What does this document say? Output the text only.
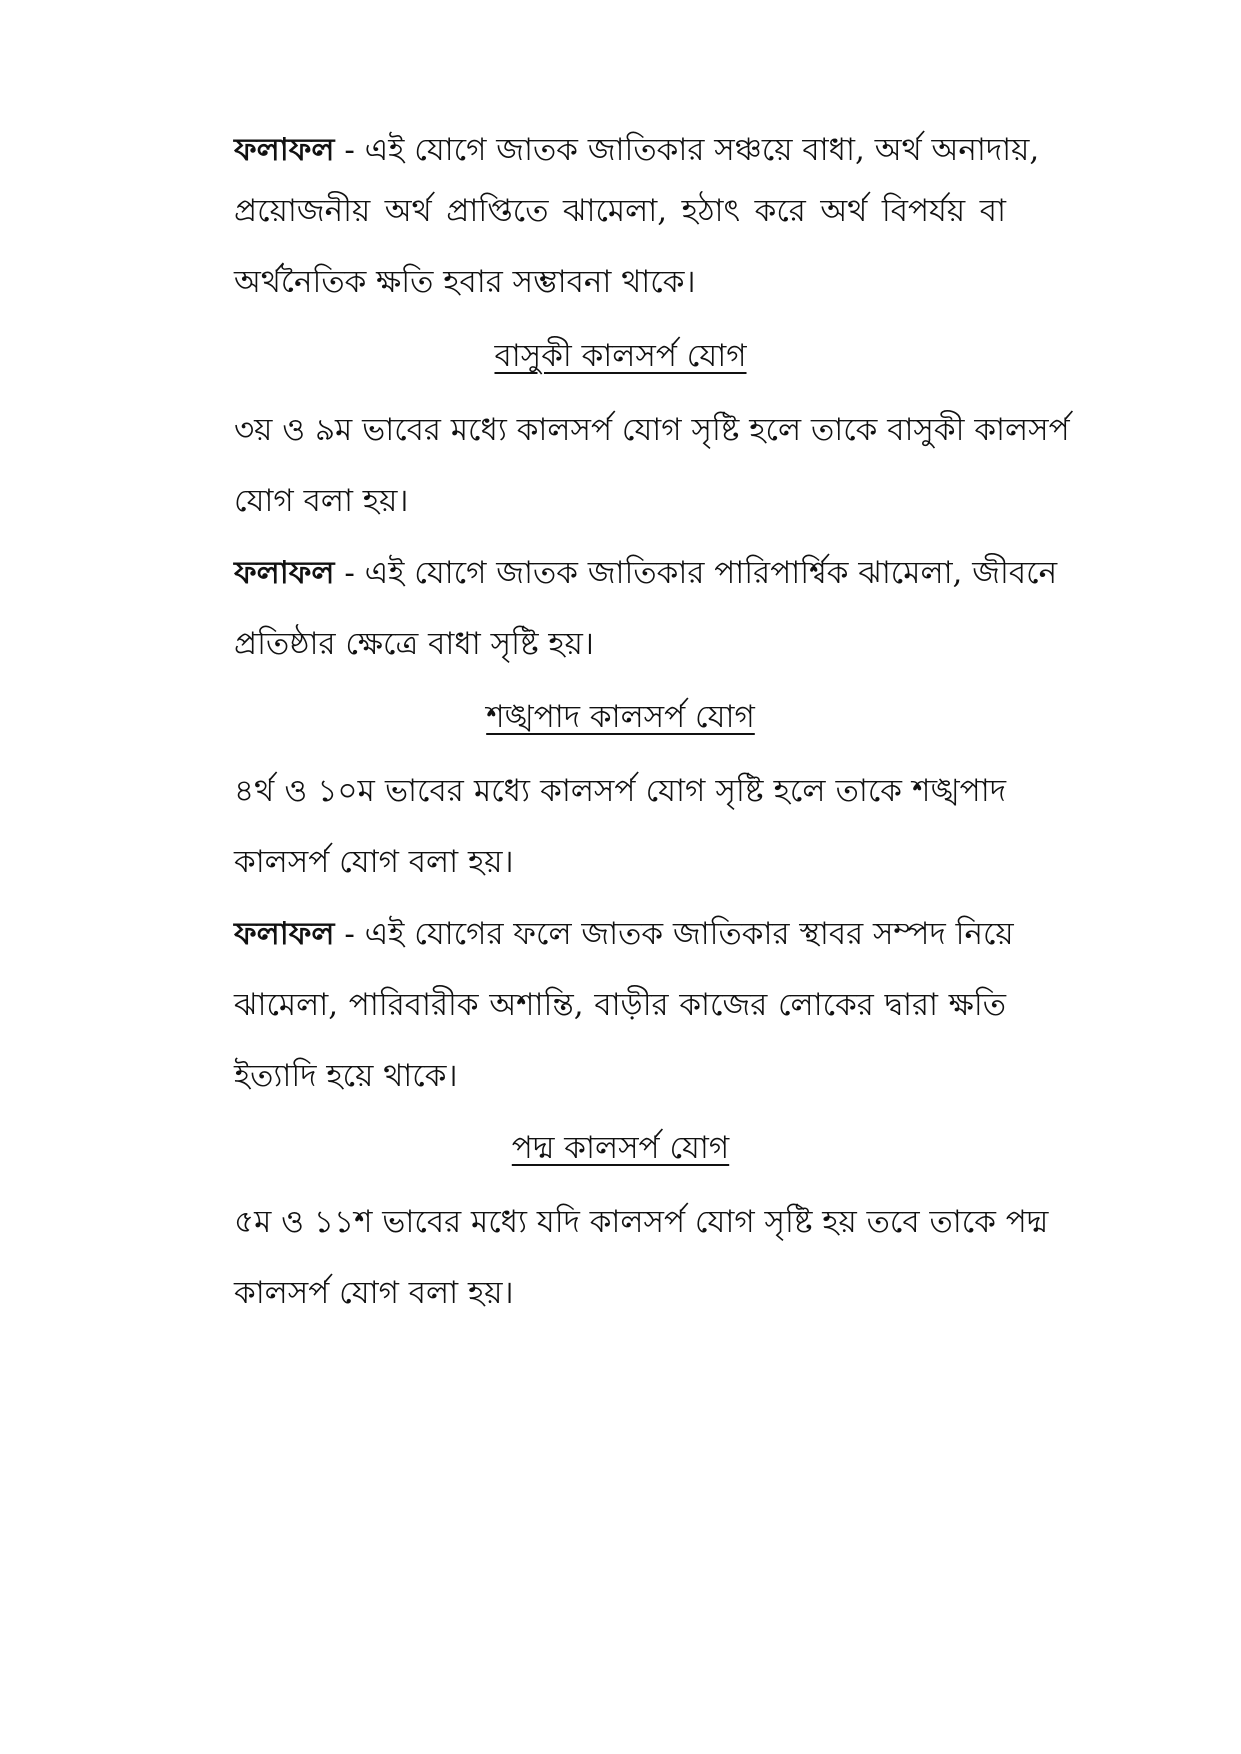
ফলাফল - এই যোগে জাতক জাতিকার সঞ্চয়ে বাধা, অর্থ অনাদায়,
প্রয়োজনীয় অর্থ প্রাপ্তিতে ঝামেলা, হঠাৎ করে অর্থ বিপর্যয় বা
অর্থনৈতিক ক্ষতি হবার সম্ভাবনা থাকে।
বাসুকী কালসর্প যোগ
৩য় ও ৯ম ভাবের মধ্যে কালসর্প যোগ সৃষ্টি হলে তাকে বাসুকী কালসর্প
যোগ বলা হয়।
ফলাফল - এই যোগে জাতক জাতিকার পারিপার্শ্বিক ঝামেলা, জীবনে
প্রতিষ্ঠার ক্ষেত্রে বাধা সৃষ্টি হয়।
শঙ্খপাদ কালসর্প যোগ
৪র্থ ও ১০ম ভাবের মধ্যে কালসর্প যোগ সৃষ্টি হলে তাকে শঙ্খপাদ
কালসর্প যোগ বলা হয়।
ফলাফল - এই যোগের ফলে জাতক জাতিকার স্থাবর সম্পদ নিয়ে
ঝামেলা, পারিবারীক অশান্তি, বাড়ীর কাজের লোকের দ্বারা ক্ষতি
ইত্যাদি হয়ে থাকে।
পদ্ম কালসর্প যোগ
৫ম ও ১১শ ভাবের মধ্যে যদি কালসর্প যোগ সৃষ্টি হয় তবে তাকে পদ্ম
কালসর্প যোগ বলা হয়।
